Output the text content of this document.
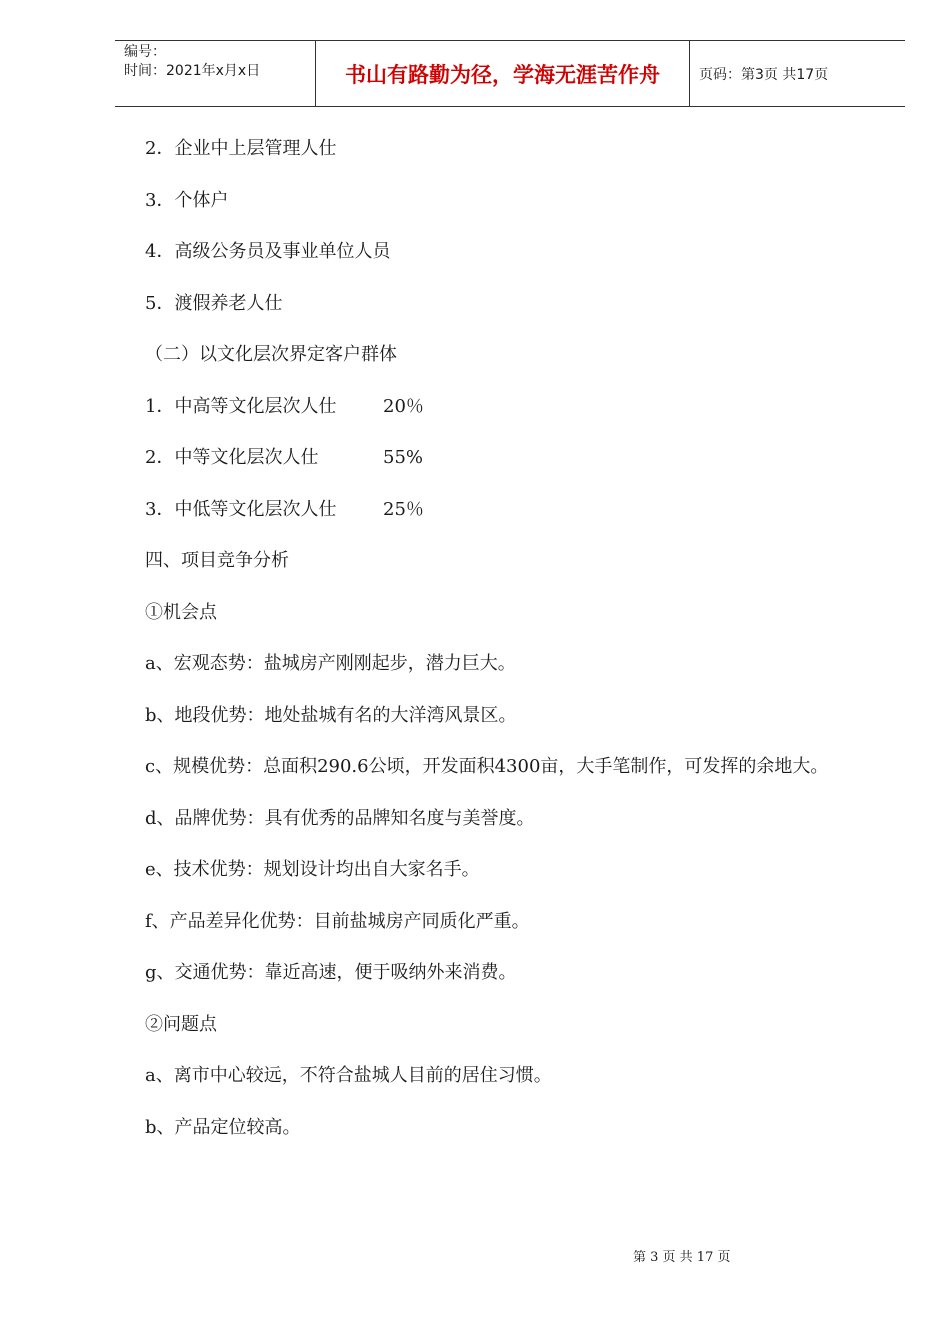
编号：
时间：2021年x月x日	书山有路勤为径，学海无涯苦作舟	页码：第3页 共17页
2．企业中上层管理人仕
3．个体户
4．高级公务员及事业单位人员
5．渡假养老人仕
（二）以文化层次界定客户群体
1．中高等文化层次人仕	20％
2．中等文化层次人仕	55%
3．中低等文化层次人仕	25％
四、项目竞争分析
①机会点
a、宏观态势：盐城房产刚刚起步，潜力巨大。
b、地段优势：地处盐城有名的大洋湾风景区。
c、规模优势：总面积290.6公顷，开发面积4300亩，大手笔制作，可发挥的余地大。
d、品牌优势：具有优秀的品牌知名度与美誉度。
e、技术优势：规划设计均出自大家名手。
f、产品差异化优势：目前盐城房产同质化严重。
g、交通优势：靠近高速，便于吸纳外来消费。
②问题点
a、离市中心较远，不符合盐城人目前的居住习惯。
b、产品定位较高。
第 3 页 共 17 页
